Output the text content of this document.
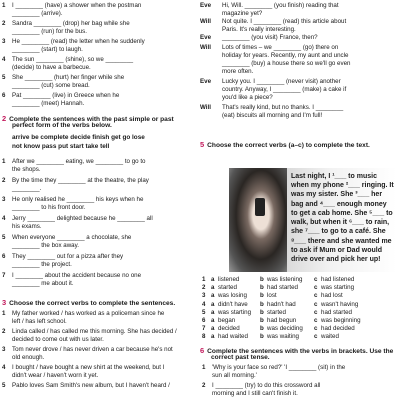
1	I ________ (have) a shower when the postman
________ (arrive).
2	Sandra ________ (drop) her bag while she
________ (run) for the bus.
3	He ________ (read) the letter when he suddenly
________ (start) to laugh.
4	The sun ________ (shine), so we ________
(decide) to have a barbecue.
5	She ________ (hurt) her finger while she
________ (cut) some bread.
6	Pat ________ (live) in Greece when he
________ (meet) Hannah.
2 Complete the sentences with the past simple or past
perfect form of the verbs below.
arrive be complete decide finish get go lose
not know pass put start take tell
1	After we ________ eating, we ________ to go to
the shops.
2	By the time they ________ at the theatre, the play
________.
3	He only realised he ________ his keys when he
________ to his front door.
4	Jerry ________ delighted because he ________ all
his exams.
5	When everyone ________ a chocolate, she
________ the box away.
6	They ________ out for a pizza after they
________ the project.
7	I ________ about the accident because no one
________ me about it.
3 Choose the correct verbs to complete the sentences.
1	My father worked / has worked as a policeman since he
left / has left school.
2	Linda called / has called me this morning. She has decided /
decided to come out with us later.
3	Tom never drove / has never driven a car because he's not
old enough.
4	I bought / have bought a new shirt at the weekend, but I
didn't wear / haven't worn it yet.
5	Pablo loves Sam Smith's new album, but I haven't heard /
Eve	Hi, Will. ________ (you finish) reading that
magazine yet?
Will	Not quite. I ________ (read) this article about
Paris. It's really interesting.
Eve	________ (you visit) France, then?
Will	Lots of times – we ________ (go) there on
holiday for years. Recently, my aunt and uncle
________ (buy) a house there so we'll go even
more often.
Eve	Lucky you. I ________ (never visit) another
country. Anyway, I ________ (make) a cake if
you'd like a piece?
Will	That's really kind, but no thanks. I ________
(eat) biscuits all morning and I'm full!
5 Choose the correct verbs (a–c) to complete the text.
Last night, I ¹___ to music when my phone ²___ ringing. It was my sister. She ³___ her bag and ⁴___ enough money to get a cab home. She ⁵___ to walk, but when it ⁶___ to rain, she ⁷___ to go to a café. She ⁸___ there and she wanted me to ask if Mum or Dad would drive over and pick her up!
1 a listened	b was listening	c had listened
2 a started	b had started	c was starting
3 a was losing	b lost	c had lost
4 a didn't have	b hadn't had	c wasn't having
5 a was starting	b started	c had started
6 a began	b had begun	c was beginning
7 a decided	b was deciding	c had decided
8 a had waited	b was waiting	c waited
6 Complete the sentences with the verbs in brackets. Use the
correct past tense.
1	'Why is your face so red?' 'I ________ (sit) in the
sun all morning.'
2	I ________ (try) to do this crossword all
morning and I still can't finish it.
